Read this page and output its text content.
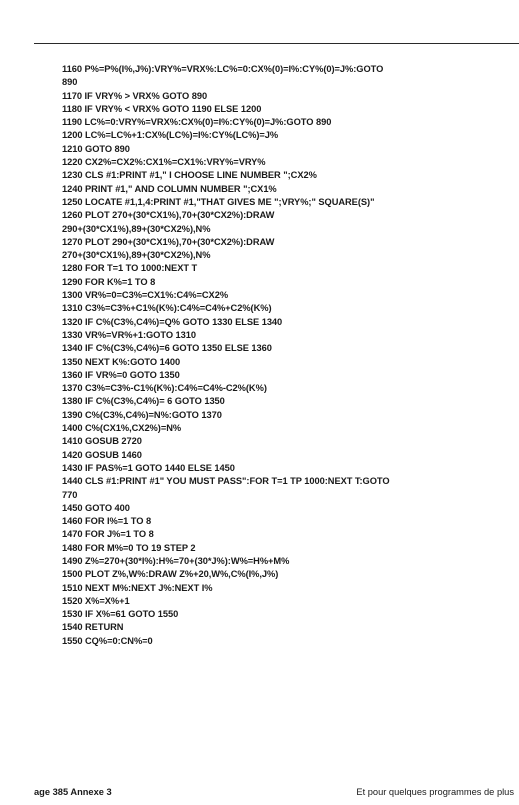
1160 P%=P%(I%,J%):VRY%=VRX%:LC%=0:CX%(0)=I%:CY%(0)=J%:GOTO
890
1170 IF VRY% > VRX% GOTO 890
1180 IF VRY% < VRX% GOTO 1190 ELSE 1200
1190 LC%=0:VRY%=VRX%:CX%(0)=I%:CY%(0)=J%:GOTO 890
1200 LC%=LC%+1:CX%(LC%)=I%:CY%(LC%)=J%
1210 GOTO 890
1220 CX2%=CX2%:CX1%=CX1%:VRY%=VRY%
1230 CLS #1:PRINT #1," I CHOOSE LINE NUMBER ";CX2%
1240 PRINT #1," AND COLUMN NUMBER ";CX1%
1250 LOCATE #1,1,4:PRINT #1,"THAT GIVES ME ";VRY%;" SQUARE(S)"
1260 PLOT 270+(30*CX1%),70+(30*CX2%):DRAW
290+(30*CX1%),89+(30*CX2%),N%
1270 PLOT 290+(30*CX1%),70+(30*CX2%):DRAW
270+(30*CX1%),89+(30*CX2%),N%
1280 FOR T=1 TO 1000:NEXT T
1290 FOR K%=1 TO 8
1300 VR%=0=C3%=CX1%:C4%=CX2%
1310 C3%=C3%+C1%(K%):C4%=C4%+C2%(K%)
1320 IF C%(C3%,C4%)=Q% GOTO 1330 ELSE 1340
1330 VR%=VR%+1:GOTO 1310
1340 IF C%(C3%,C4%)=6 GOTO 1350 ELSE 1360
1350 NEXT K%:GOTO 1400
1360 IF VR%=0 GOTO 1350
1370 C3%=C3%-C1%(K%):C4%=C4%-C2%(K%)
1380 IF C%(C3%,C4%)= 6 GOTO 1350
1390 C%(C3%,C4%)=N%:GOTO 1370
1400 C%(CX1%,CX2%)=N%
1410 GOSUB 2720
1420 GOSUB 1460
1430 IF PAS%=1 GOTO 1440 ELSE 1450
1440 CLS #1:PRINT #1" YOU MUST PASS":FOR T=1 TP 1000:NEXT T:GOTO
770
1450 GOTO 400
1460 FOR I%=1 TO 8
1470 FOR J%=1 TO 8
1480 FOR M%=0 TO 19 STEP 2
1490 Z%=270+(30*I%):H%=70+(30*J%):W%=H%+M%
1500 PLOT Z%,W%:DRAW Z%+20,W%,C%(I%,J%)
1510 NEXT M%:NEXT J%:NEXT I%
1520 X%=X%+1
1530 IF X%=61 GOTO 1550
1540 RETURN
1550 CQ%=0:CN%=0
age 385 Annexe 3	Et pour quelques programmes de plus
